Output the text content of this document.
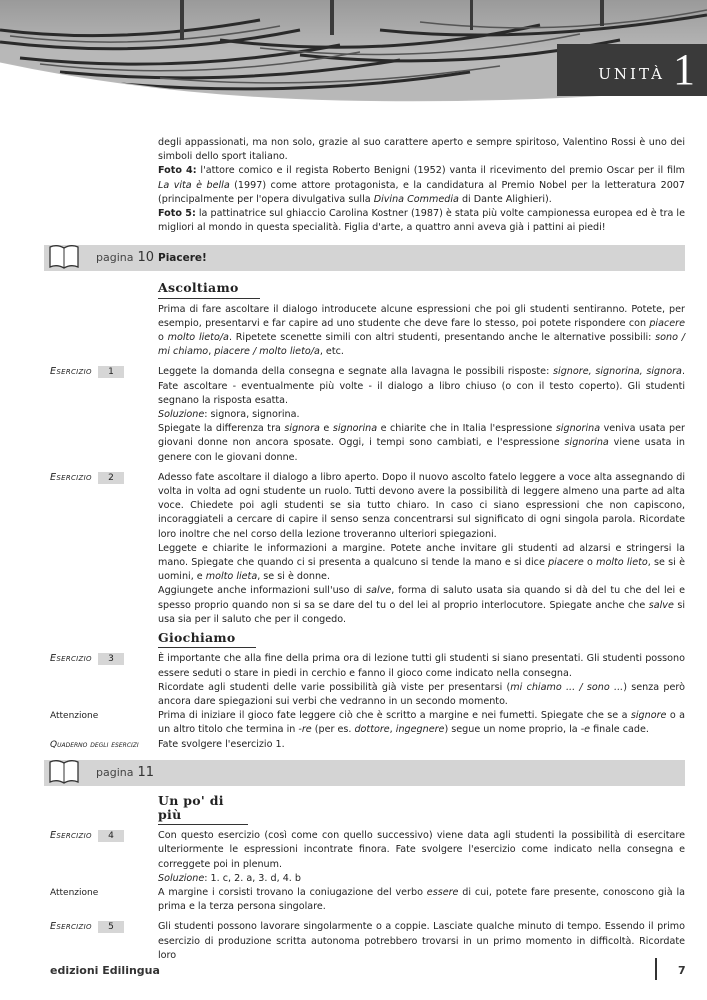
UNITÀ 1

degli appassionati, ma non solo, grazie al suo carattere aperto e sempre spiritoso, Valentino Rossi è uno dei simboli dello sport italiano.

Foto 4: l'attore comico e il regista Roberto Benigni (1952) vanta il ricevimento del premio Oscar per il film La vita è bella (1997) come attore protagonista, e la candidatura al Premio Nobel per la letteratura 2007 (principalmente per l'opera divulgativa sulla Divina Commedia di Dante Alighieri).

Foto 5: la pattinatrice sul ghiaccio Carolina Kostner (1987) è stata più volte campionessa europea ed è tra le migliori al mondo in questa specialità. Figlia d'arte, a quattro anni aveva già i pattini ai piedi!

pagina 10 Piacere!
Ascoltiamo

Prima di fare ascoltare il dialogo introducete alcune espressioni che poi gli studenti sentiranno. Potete, per esempio, presentarvi e far capire ad uno studente che deve fare lo stesso, poi potete rispondere con piacere o molto lieto/a. Ripetete scenette simili con altri studenti, presentando anche le alternative possibili: sono / mi chiamo, piacere / molto lieto/a, etc.

Esercizio	1	Leggete la domanda della consegna e segnate alla lavagna le possibili risposte: signore, signorina, signora. Fate ascoltare - eventualmente più volte - il dialogo a libro chiuso (o con il testo coperto). Gli studenti segnano la risposta esatta.

Soluzione: signora, signorina.

Spiegate la differenza tra signora e signorina e chiarite che in Italia l'espressione signorina veniva usata per giovani donne non ancora sposate. Oggi, i tempi sono cambiati, e l'espressione signorina viene usata in genere con le giovani donne.

Esercizio	2	Adesso fate ascoltare il dialogo a libro aperto. Dopo il nuovo ascolto fatelo leggere a voce alta assegnando di volta in volta ad ogni studente un ruolo. Tutti devono avere la possibilità di leggere almeno una parte ad alta voce. Chiedete poi agli studenti se sia tutto chiaro. In caso ci siano espressioni che non capiscono, incoraggiateli a cercare di capire il senso senza concentrarsi sul significato di ogni singola parola. Ricordate loro inoltre che nel corso della lezione troveranno ulteriori spiegazioni.

Leggete e chiarite le informazioni a margine. Potete anche invitare gli studenti ad alzarsi e stringersi la mano. Spiegate che quando ci si presenta a qualcuno si tende la mano e si dice piacere o molto lieto, se si è uomini, e molto lieta, se si è donne.

Aggiungete anche informazioni sull'uso di salve, forma di saluto usata sia quando si dà del tu che del lei e spesso proprio quando non si sa se dare del tu o del lei al proprio interlocutore. Spiegate anche che salve si usa sia per il saluto che per il congedo.

Giochiamo
Esercizio	3	È importante che alla fine della prima ora di lezione tutti gli studenti si siano presentati. Gli studenti possono essere seduti o stare in piedi in cerchio e fanno il gioco come indicato nella consegna.

Ricordate agli studenti delle varie possibilità già viste per presentarsi (mi chiamo ... / sono ...) senza però ancora dare spiegazioni sui verbi che vedranno in un secondo momento.

Attenzione	Prima di iniziare il gioco fate leggere ciò che è scritto a margine e nei fumetti. Spiegate che se a signore o a un altro titolo che termina in -re (per es. dottore, ingegnere) segue un nome proprio, la -e finale cade.

Quaderno degli esercizi	Fate svolgere l'esercizio 1.

pagina 11
Un po' di più
Esercizio	4	Con questo esercizio (così come con quello successivo) viene data agli studenti la possibilità di esercitare ulteriormente le espressioni incontrate finora. Fate svolgere l'esercizio come indicato nella consegna e correggete poi in plenum.

Soluzione: 1. c, 2. a, 3. d, 4. b

Attenzione	A margine i corsisti trovano la coniugazione del verbo essere di cui, potete fare presente, conoscono già la prima e la terza persona singolare.

Esercizio	5	Gli studenti possono lavorare singolarmente o a coppie. Lasciate qualche minuto di tempo. Essendo il primo esercizio di produzione scritta autonoma potrebbero trovarsi in un primo momento in difficoltà. Ricordate loro

edizioni Edilingua	7
